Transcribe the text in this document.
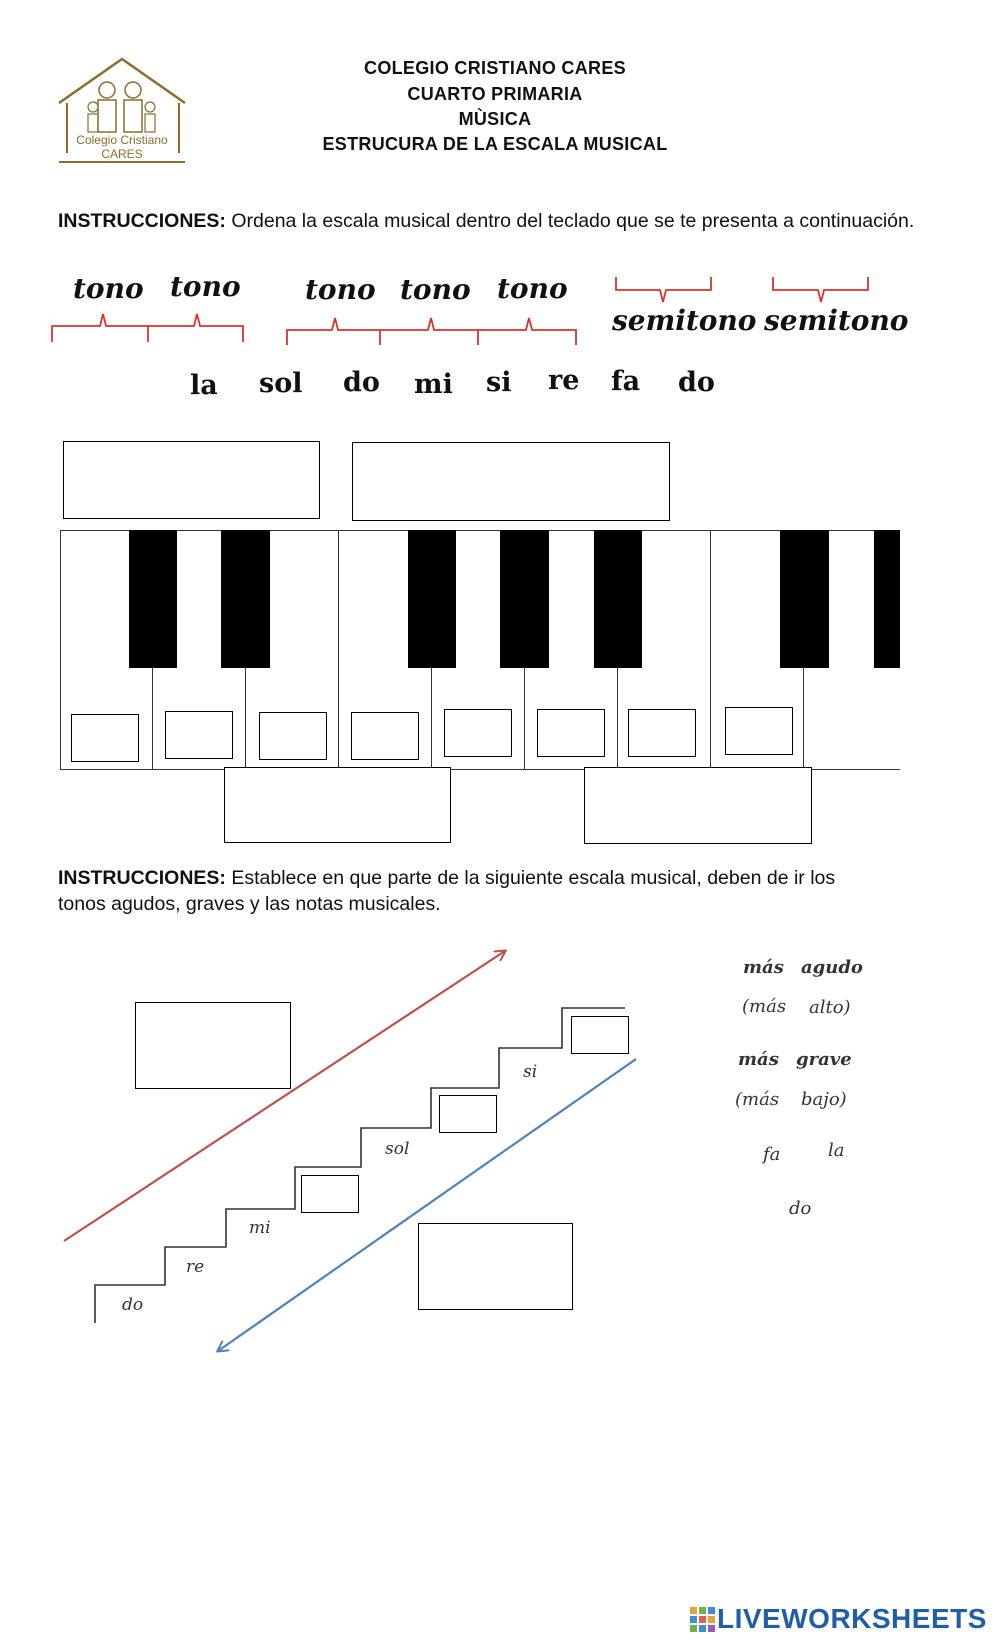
Colegio Cristiano
CARES
COLEGIO CRISTIANO CARES
CUARTO PRIMARIA
MÙSICA
ESTRUCURA DE LA ESCALA MUSICAL
INSTRUCCIONES: Ordena la escala musical dentro del teclado que se te presenta a continuación.
tono tono tono tono tono
semitono semitono
la sol do mi si re fa do
INSTRUCCIONES: Establece en que parte de la siguiente escala musical, deben de ir los tonos agudos, graves y las notas musicales.
do
re
mi
sol
si
más agudo
(más alto)
más grave
(más bajo)
fa	la
do
LIVEWORKSHEETS
